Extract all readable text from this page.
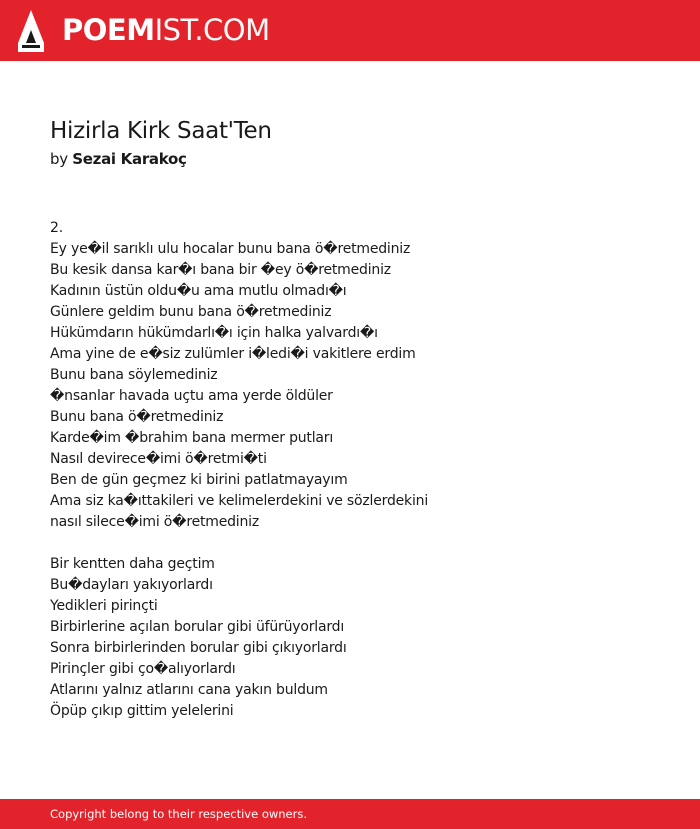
POEMIST.COM
Hizirla Kirk Saat'Ten
by Sezai Karakoç
2.
Ey ye�il sarıklı ulu hocalar bunu bana ö�retmediniz
Bu kesik dansa kar�ı bana bir �ey ö�retmediniz
Kadının üstün oldu�u ama mutlu olmadı�ı
Günlere geldim bunu bana ö�retmediniz
Hükümdarın hükümdarlı�ı için halka yalvardı�ı
Ama yine de e�siz zulümler i�ledi�i vakitlere erdim
Bunu bana söylemediniz
�nsanlar havada uçtu ama yerde öldüler
Bunu bana ö�retmediniz
Karde�im �brahim bana mermer putları
Nasıl devirece�imi ö�retmi�ti
Ben de gün geçmez ki birini patlatmayayım
Ama siz ka�ıttakileri ve kelimelerdekini ve sözlerdekini
nasıl silece�imi ö�retmediniz
Bir kentten daha geçtim
Bu�dayları yakıyorlardı
Yedikleri pirinçti
Birbirlerine açılan borular gibi üfürüyorlardı
Sonra birbirlerinden borular gibi çıkıyorlardı
Pirinçler gibi ço�alıyorlardı
Atlarını yalnız atlarını cana yakın buldum
Öpüp çıkıp gittim yelelerini
Copyright belong to their respective owners.
